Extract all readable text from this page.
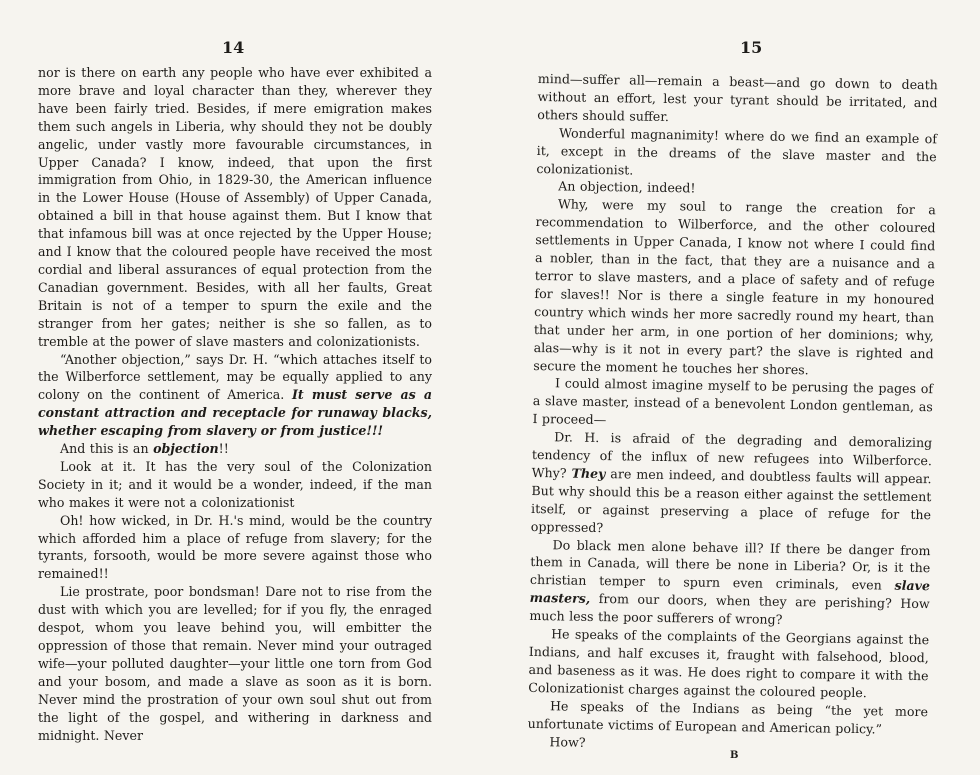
14

nor is there on earth any people who have ever exhibited a more brave and loyal character than they, wherever they have been fairly tried. Besides, if mere emigration makes them such angels in Liberia, why should they not be doubly angelic, under vastly more favourable circumstances, in Upper Canada? I know, indeed, that upon the first immigration from Ohio, in 1829-30, the American influence in the Lower House (House of Assembly) of Upper Canada, obtained a bill in that house against them. But I know that that infamous bill was at once rejected by the Upper House; and I know that the coloured people have received the most cordial and liberal assurances of equal protection from the Canadian government. Besides, with all her faults, Great Britain is not of a temper to spurn the exile and the stranger from her gates; neither is she so fallen, as to tremble at the power of slave masters and colonizationists.

“Another objection,” says Dr. H. “which attaches itself to the Wilberforce settlement, may be equally applied to any colony on the continent of America. It must serve as a constant attraction and receptacle for runaway blacks, whether escaping from slavery or from justice!!!

And this is an objection!!

Look at it. It has the very soul of the Colonization Society in it; and it would be a wonder, indeed, if the man who makes it were not a colonizationist

Oh! how wicked, in Dr. H.'s mind, would be the country which afforded him a place of refuge from slavery; for the tyrants, forsooth, would be more severe against those who remained!!

Lie prostrate, poor bondsman! Dare not to rise from the dust with which you are levelled; for if you fly, the enraged despot, whom you leave behind you, will embitter the oppression of those that remain. Never mind your outraged wife—your polluted daughter—your little one torn from God and your bosom, and made a slave as soon as it is born. Never mind the prostration of your own soul shut out from the light of the gospel, and withering in darkness and midnight. Never

15

mind—suffer all—remain a beast—and go down to death without an effort, lest your tyrant should be irritated, and others should suffer.

Wonderful magnanimity! where do we find an example of it, except in the dreams of the slave master and the colonizationist.

An objection, indeed!

Why, were my soul to range the creation for a recommendation to Wilberforce, and the other coloured settlements in Upper Canada, I know not where I could find a nobler, than in the fact, that they are a nuisance and a terror to slave masters, and a place of safety and of refuge for slaves!! Nor is there a single feature in my honoured country which winds her more sacredly round my heart, than that under her arm, in one portion of her dominions; why, alas—why is it not in every part? the slave is righted and secure the moment he touches her shores.

I could almost imagine myself to be perusing the pages of a slave master, instead of a benevolent London gentleman, as I proceed—

Dr. H. is afraid of the degrading and demoralizing tendency of the influx of new refugees into Wilberforce. Why? They are men indeed, and doubtless faults will appear. But why should this be a reason either against the settlement itself, or against preserving a place of refuge for the oppressed?

Do black men alone behave ill? If there be danger from them in Canada, will there be none in Liberia? Or, is it the christian temper to spurn even criminals, even slave masters, from our doors, when they are perishing? How much less the poor sufferers of wrong?

He speaks of the complaints of the Georgians against the Indians, and half excuses it, fraught with falsehood, blood, and baseness as it was. He does right to compare it with the Colonizationist charges against the coloured people.

He speaks of the Indians as being “the yet more unfortunate victims of European and American policy.”

How?

B
